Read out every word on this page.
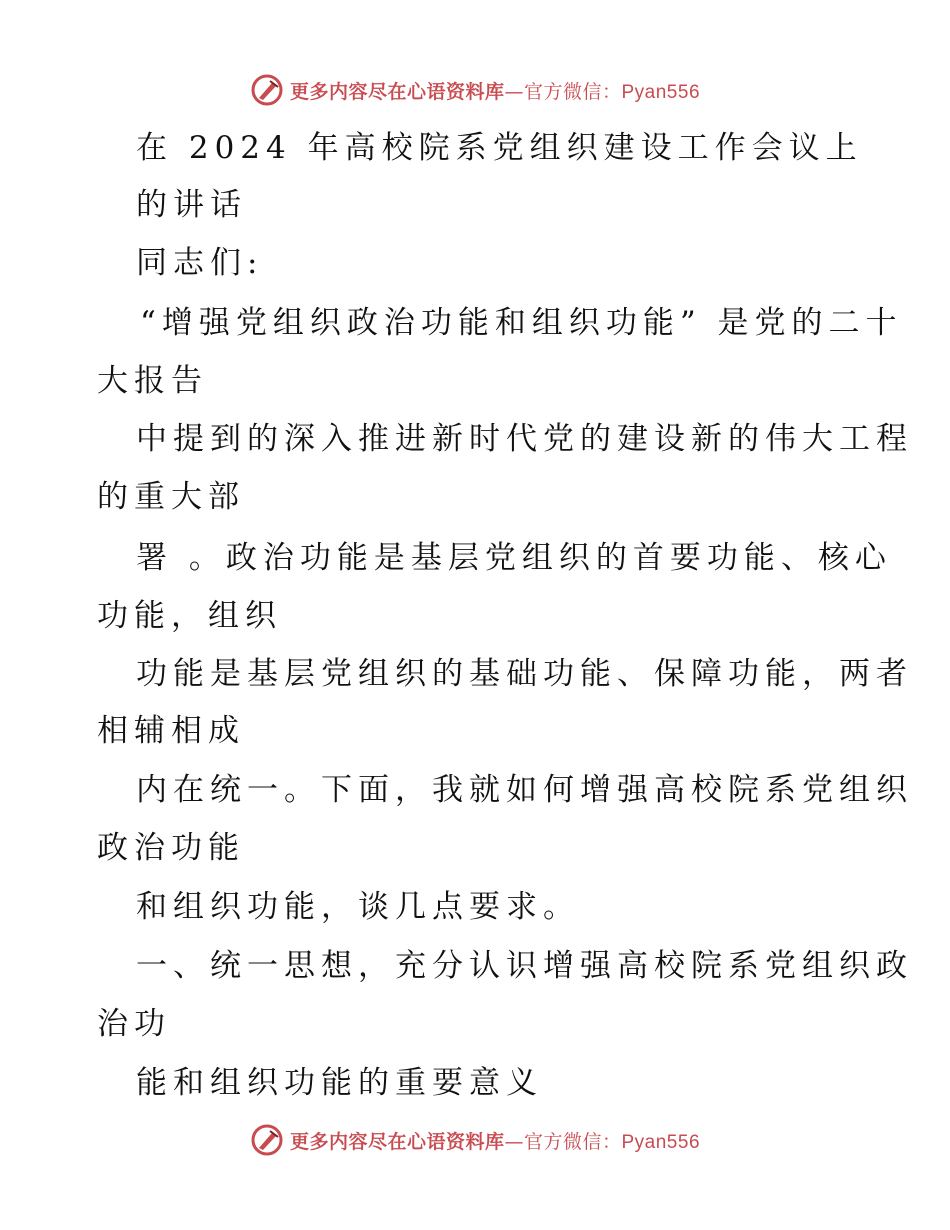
更多内容尽在心语资料库—官方微信：Pyan556
在 2024 年高校院系党组织建设工作会议上
的讲话
同志们:
“增强党组织政治功能和组织功能” 是党的二十
大报告
中提到的深入推进新时代党的建设新的伟大工程
的重大部
署 。政治功能是基层党组织的首要功能、核心
功能，组织
功能是基层党组织的基础功能、保障功能，两者
相辅相成
内在统一。下面，我就如何增强高校院系党组织
政治功能
和组织功能，谈几点要求。
一、统一思想，充分认识增强高校院系党组织政
治功
能和组织功能的重要意义
更多内容尽在心语资料库—官方微信：Pyan556
